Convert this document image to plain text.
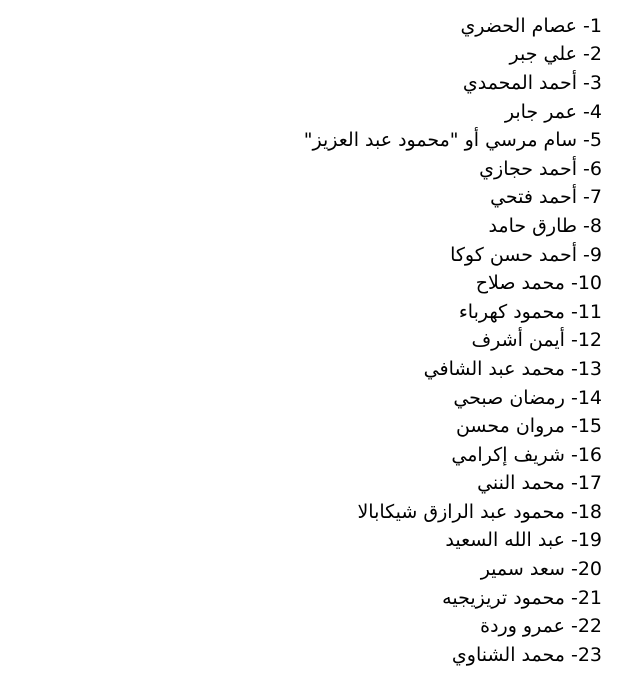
1- عصام الحضري
2- علي جبر
3- أحمد المحمدي
4- عمر جابر
5- سام مرسي أو "محمود عبد العزيز"
6- أحمد حجازي
7- أحمد فتحي
8- طارق حامد
9- أحمد حسن كوكا
10- محمد صلاح
11- محمود كهرباء
12- أيمن أشرف
13- محمد عبد الشافي
14- رمضان صبحي
15- مروان محسن
16- شريف إكرامي
17- محمد النني
18- محمود عبد الرازق شيكابالا
19- عبد الله السعيد
20- سعد سمير
21- محمود تريزيجيه
22- عمرو وردة
23- محمد الشناوي
